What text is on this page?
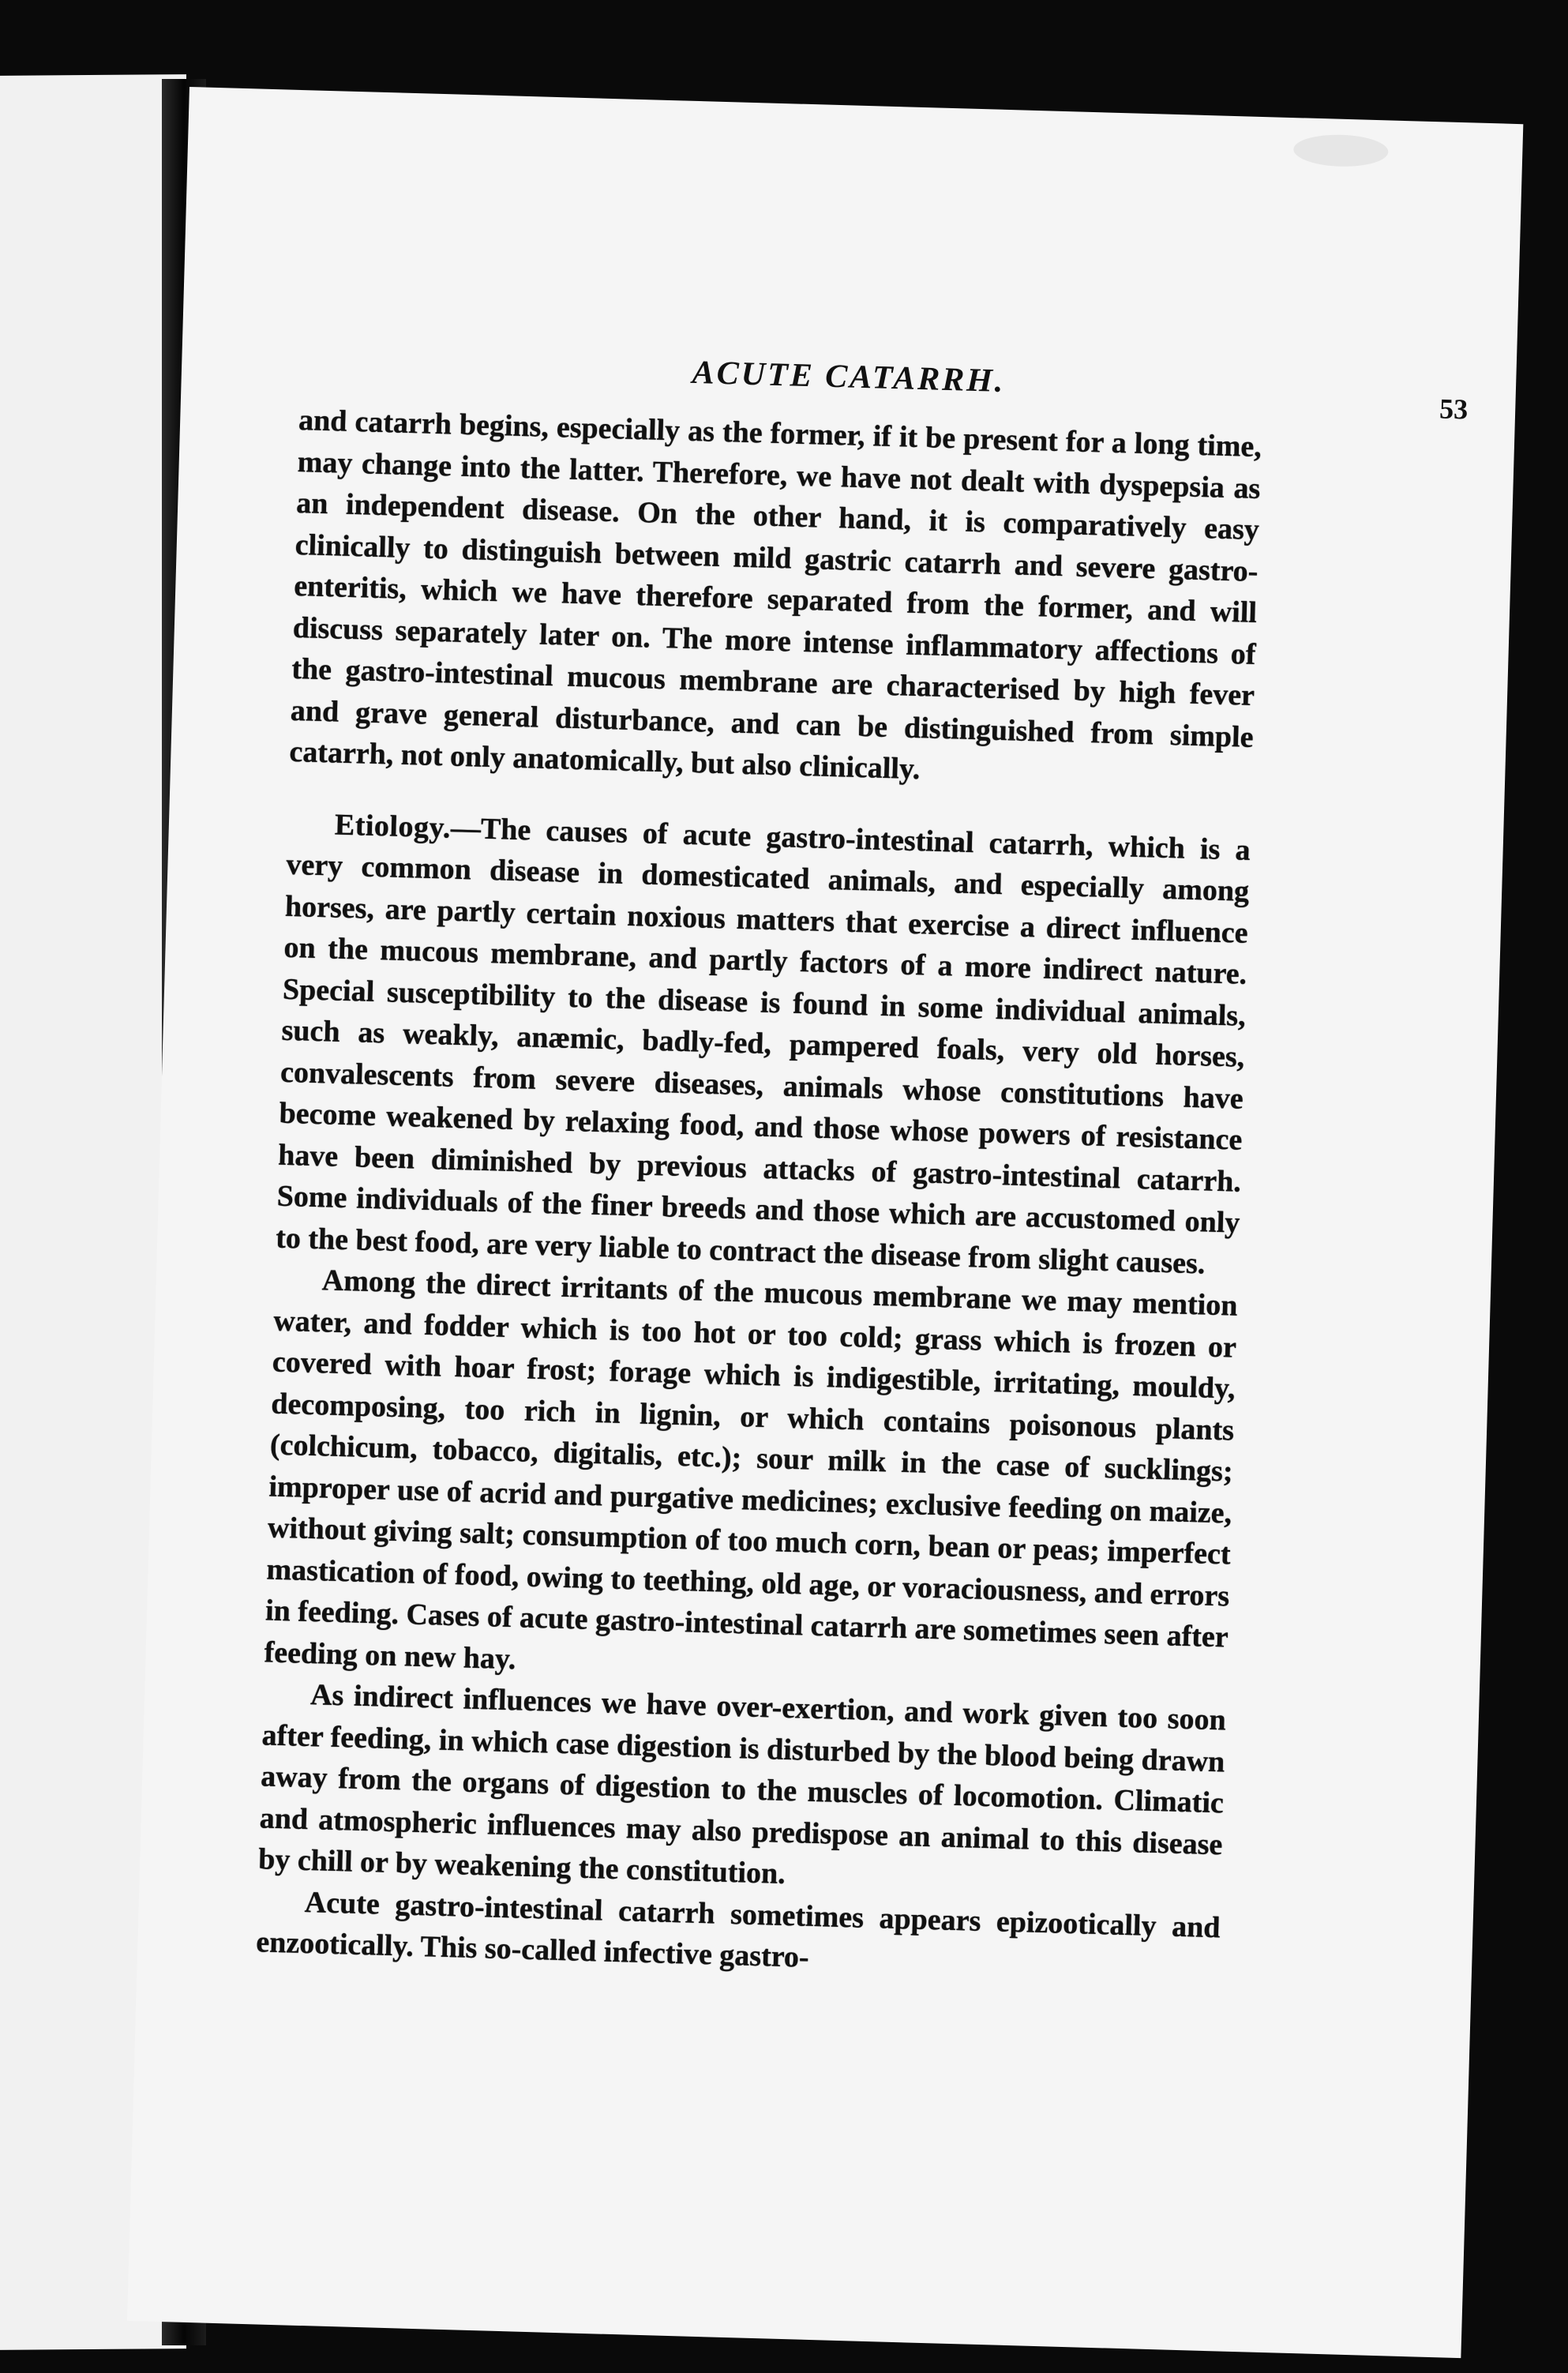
ACUTE CATARRH.
53

and catarrh begins, especially as the former, if it be present for a long time, may change into the latter. Therefore, we have not dealt with dyspepsia as an independent disease. On the other hand, it is comparatively easy clinically to distinguish between mild gastric catarrh and severe gastro-enteritis, which we have therefore separated from the former, and will discuss separately later on. The more intense inflammatory affections of the gastro-intestinal mucous membrane are characterised by high fever and grave general disturbance, and can be distinguished from simple catarrh, not only anatomically, but also clinically.

Etiology.—The causes of acute gastro-intestinal catarrh, which is a very common disease in domesticated animals, and especially among horses, are partly certain noxious matters that exercise a direct influence on the mucous membrane, and partly factors of a more indirect nature. Special susceptibility to the disease is found in some individual animals, such as weakly, anæmic, badly-fed, pampered foals, very old horses, convalescents from severe diseases, animals whose constitutions have become weakened by relaxing food, and those whose powers of resistance have been diminished by previous attacks of gastro-intestinal catarrh. Some individuals of the finer breeds and those which are accustomed only to the best food, are very liable to contract the disease from slight causes.

Among the direct irritants of the mucous membrane we may mention water, and fodder which is too hot or too cold; grass which is frozen or covered with hoar frost; forage which is indigestible, irritating, mouldy, decomposing, too rich in lignin, or which contains poisonous plants (colchicum, tobacco, digitalis, etc.); sour milk in the case of sucklings; improper use of acrid and purgative medicines; exclusive feeding on maize, without giving salt; consumption of too much corn, bean or peas; imperfect mastication of food, owing to teething, old age, or voraciousness, and errors in feeding. Cases of acute gastro-intestinal catarrh are sometimes seen after feeding on new hay.

As indirect influences we have over-exertion, and work given too soon after feeding, in which case digestion is disturbed by the blood being drawn away from the organs of digestion to the muscles of locomotion. Climatic and atmospheric influences may also predispose an animal to this disease by chill or by weakening the constitution.

Acute gastro-intestinal catarrh sometimes appears epizootically and enzootically. This so-called infective gastro-
